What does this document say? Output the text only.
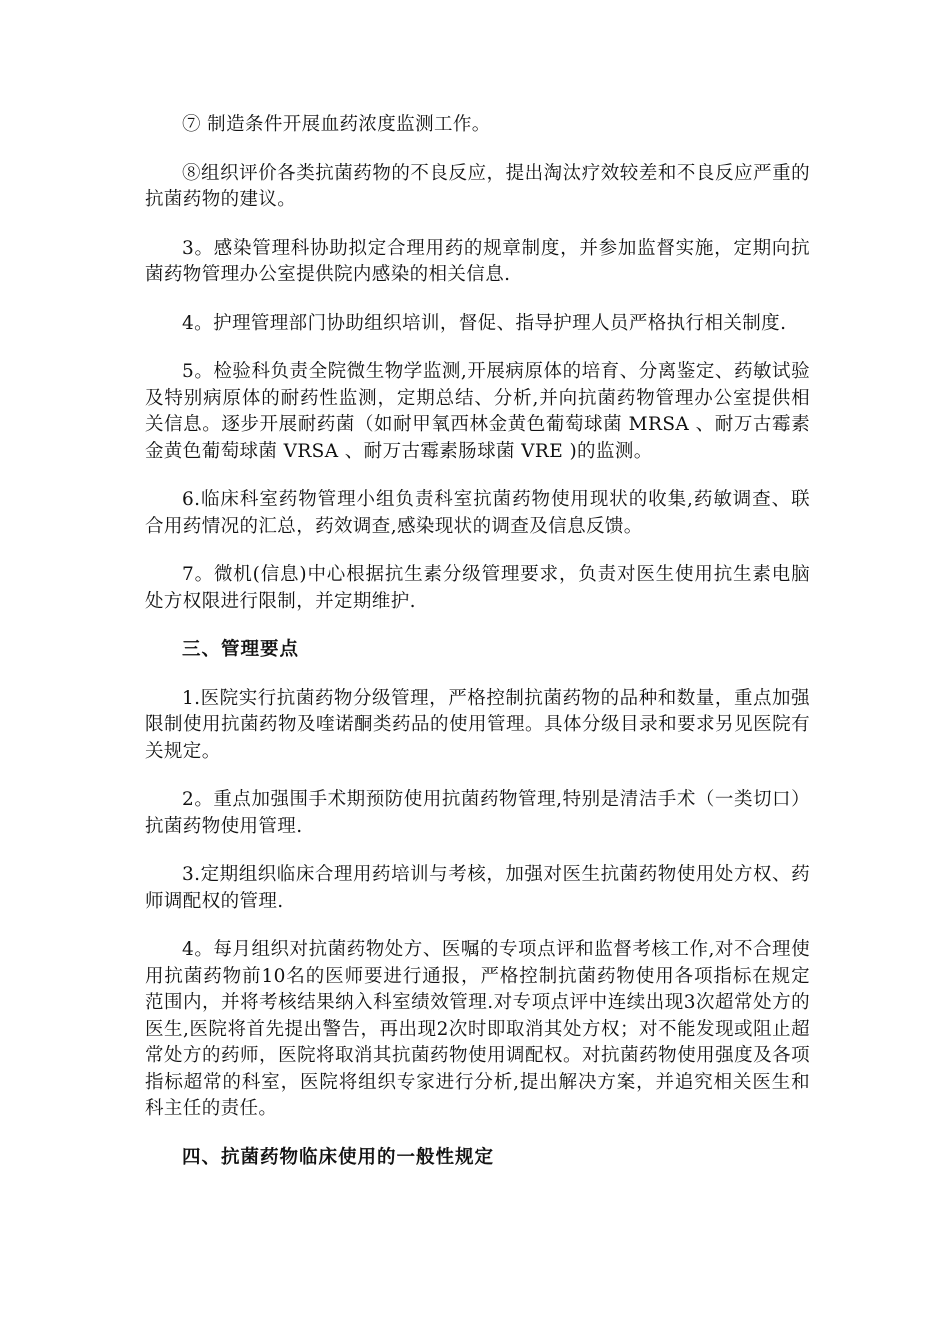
⑦ 制造条件开展血药浓度监测工作。

⑧组织评价各类抗菌药物的不良反应，提出淘汰疗效较差和不良反应严重的抗菌药物的建议。

3。感染管理科协助拟定合理用药的规章制度，并参加监督实施，定期向抗菌药物管理办公室提供院内感染的相关信息.

4。护理管理部门协助组织培训，督促、指导护理人员严格执行相关制度.

5。检验科负责全院微生物学监测,开展病原体的培育、分离鉴定、药敏试验及特别病原体的耐药性监测，定期总结、分析,并向抗菌药物管理办公室提供相关信息。逐步开展耐药菌（如耐甲氧西林金黄色葡萄球菌 MRSA 、耐万古霉素金黄色葡萄球菌 VRSA 、耐万古霉素肠球菌 VRE )的监测。

6.临床科室药物管理小组负责科室抗菌药物使用现状的收集,药敏调查、联合用药情况的汇总，药效调查,感染现状的调查及信息反馈。

7。微机(信息)中心根据抗生素分级管理要求，负责对医生使用抗生素电脑处方权限进行限制，并定期维护.

三、管理要点

1.医院实行抗菌药物分级管理，严格控制抗菌药物的品种和数量，重点加强限制使用抗菌药物及喹诺酮类药品的使用管理。具体分级目录和要求另见医院有关规定。

2。重点加强围手术期预防使用抗菌药物管理,特别是清洁手术（一类切口）抗菌药物使用管理.

3.定期组织临床合理用药培训与考核，加强对医生抗菌药物使用处方权、药师调配权的管理.

4。每月组织对抗菌药物处方、医嘱的专项点评和监督考核工作,对不合理使用抗菌药物前10名的医师要进行通报，严格控制抗菌药物使用各项指标在规定范围内，并将考核结果纳入科室绩效管理.对专项点评中连续出现3次超常处方的医生,医院将首先提出警告，再出现2次时即取消其处方权；对不能发现或阻止超常处方的药师，医院将取消其抗菌药物使用调配权。对抗菌药物使用强度及各项指标超常的科室，医院将组织专家进行分析,提出解决方案，并追究相关医生和科主任的责任。

四、抗菌药物临床使用的一般性规定
